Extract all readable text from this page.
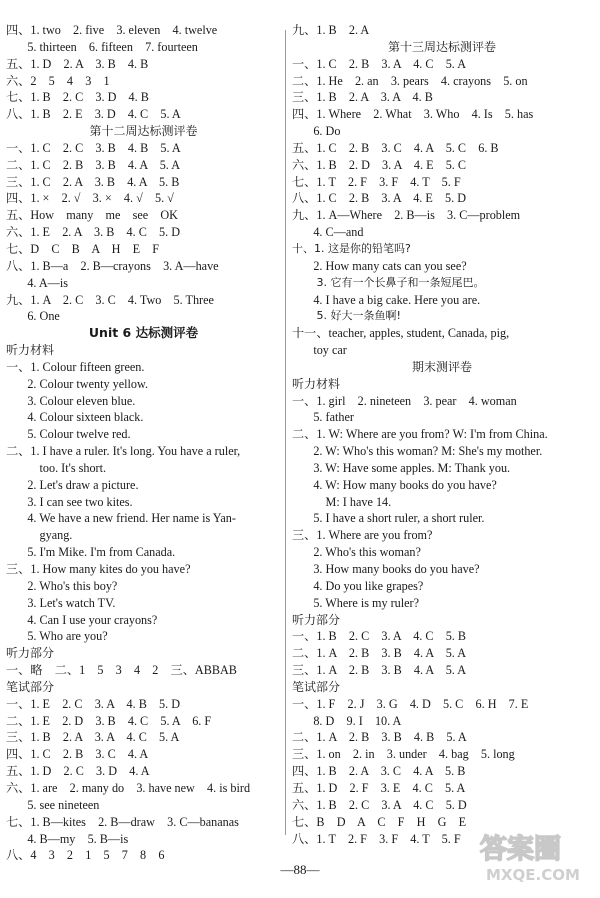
四、1. two    2. five    3. eleven    4. twelve
5. thirteen    6. fifteen    7. fourteen
五、1. D    2. A    3. B    4. B
六、2    5    4    3    1
七、1. B    2. C    3. D    4. B
八、1. B    2. E    3. D    4. C    5. A
第十二周达标测评卷
一、1. C    2. C    3. B    4. B    5. A
二、1. C    2. B    3. B    4. A    5. A
三、1. C    2. A    3. B    4. A    5. B
四、1. ×    2. √    3. ×    4. √    5. √
五、How    many    me    see    OK
六、1. E    2. A    3. B    4. C    5. D
七、D    C    B    A    H    E    F
八、1. B—a    2. B—crayons    3. A—have
4. A—is
九、1. A    2. C    3. C    4. Two    5. Three
6. One
Unit 6 达标测评卷
听力材料
一、1. Colour fifteen green.
2. Colour twenty yellow.
3. Colour eleven blue.
4. Colour sixteen black.
5. Colour twelve red.
二、1. I have a ruler. It's long. You have a ruler,
too. It's short.
2. Let's draw a picture.
3. I can see two kites.
4. We have a new friend. Her name is Yan-
gyang.
5. I'm Mike. I'm from Canada.
三、1. How many kites do you have?
2. Who's this boy?
3. Let's watch TV.
4. Can I use your crayons?
5. Who are you?
听力部分
一、略    二、1    5    3    4    2    三、ABBAB
笔试部分
一、1. E    2. C    3. A    4. B    5. D
二、1. E    2. D    3. B    4. C    5. A    6. F
三、1. B    2. A    3. A    4. C    5. A
四、1. C    2. B    3. C    4. A
五、1. D    2. C    3. D    4. A
六、1. are    2. many do    3. have new    4. is bird
5. see nineteen
七、1. B—kites    2. B—draw    3. C—bananas
4. B—my    5. B—is
八、4    3    2    1    5    7    8    6
九、1. B    2. A
第十三周达标测评卷
一、1. C    2. B    3. A    4. C    5. A
二、1. He    2. an    3. pears    4. crayons    5. on
三、1. B    2. A    3. A    4. B
四、1. Where    2. What    3. Who    4. Is    5. has
6. Do
五、1. C    2. B    3. C    4. A    5. C    6. B
六、1. B    2. D    3. A    4. E    5. C
七、1. T    2. F    3. F    4. T    5. F
八、1. C    2. B    3. A    4. E    5. D
九、1. A—Where    2. B—is    3. C—problem
4. C—and
十、1. 这是你的铅笔吗?
2. How many cats can you see?
3. 它有一个长鼻子和一条短尾巴。
4. I have a big cake. Here you are.
5. 好大一条鱼啊!
十一、teacher, apples, student, Canada, pig,
toy car
期末测评卷
听力材料
一、1. girl    2. nineteen    3. pear    4. woman
5. father
二、1. W: Where are you from? W: I'm from China.
2. W: Who's this woman? M: She's my mother.
3. W: Have some apples. M: Thank you.
4. W: How many books do you have?
M: I have 14.
5. I have a short ruler, a short ruler.
三、1. Where are you from?
2. Who's this woman?
3. How many books do you have?
4. Do you like grapes?
5. Where is my ruler?
听力部分
一、1. B    2. C    3. A    4. C    5. B
二、1. A    2. B    3. B    4. A    5. A
三、1. A    2. B    3. B    4. A    5. A
笔试部分
一、1. F    2. J    3. G    4. D    5. C    6. H    7. E
8. D    9. I    10. A
二、1. A    2. B    3. B    4. B    5. A
三、1. on    2. in    3. under    4. bag    5. long
四、1. B    2. A    3. C    4. A    5. B
五、1. D    2. F    3. E    4. C    5. A
六、1. B    2. C    3. A    4. C    5. D
七、B    D    A    C    F    H    G    E
八、1. T    2. F    3. F    4. T    5. F
—88—
答案圈
MXQE.COM
